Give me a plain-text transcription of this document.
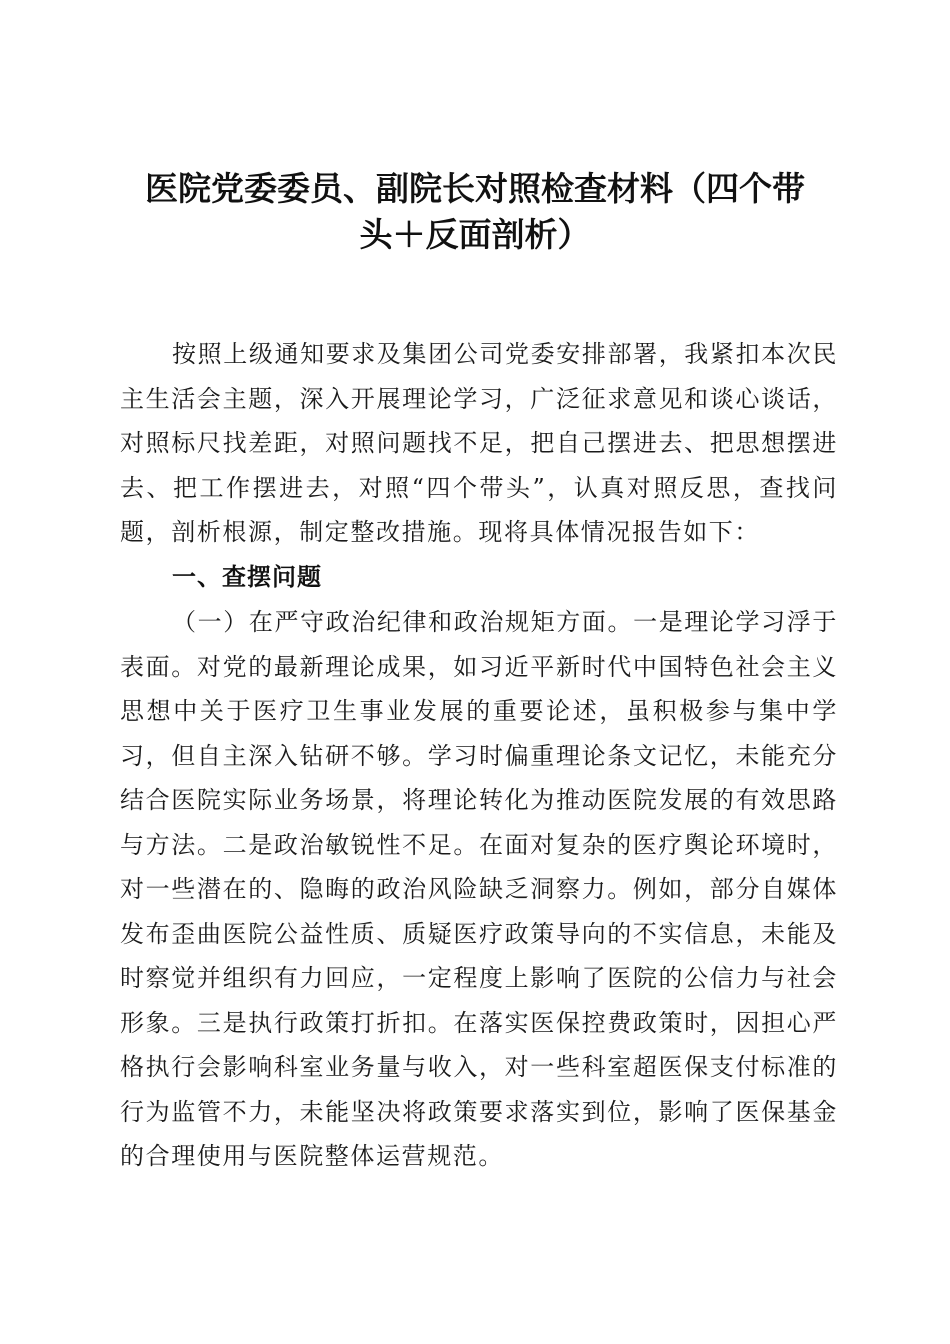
医院党委委员、副院长对照检查材料（四个带
头＋反面剖析）

按照上级通知要求及集团公司党委安排部署，我紧扣本次民主生活会主题，深入开展理论学习，广泛征求意见和谈心谈话，对照标尺找差距，对照问题找不足，把自己摆进去、把思想摆进去、把工作摆进去，对照“四个带头”，认真对照反思，查找问题，剖析根源，制定整改措施。现将具体情况报告如下：

一、查摆问题

（一）在严守政治纪律和政治规矩方面。一是理论学习浮于表面。对党的最新理论成果，如习近平新时代中国特色社会主义思想中关于医疗卫生事业发展的重要论述，虽积极参与集中学习，但自主深入钻研不够。学习时偏重理论条文记忆，未能充分结合医院实际业务场景，将理论转化为推动医院发展的有效思路与方法。二是政治敏锐性不足。在面对复杂的医疗舆论环境时，对一些潜在的、隐晦的政治风险缺乏洞察力。例如，部分自媒体发布歪曲医院公益性质、质疑医疗政策导向的不实信息，未能及时察觉并组织有力回应，一定程度上影响了医院的公信力与社会形象。三是执行政策打折扣。在落实医保控费政策时，因担心严格执行会影响科室业务量与收入，对一些科室超医保支付标准的行为监管不力，未能坚决将政策要求落实到位，影响了医保基金的合理使用与医院整体运营规范。
